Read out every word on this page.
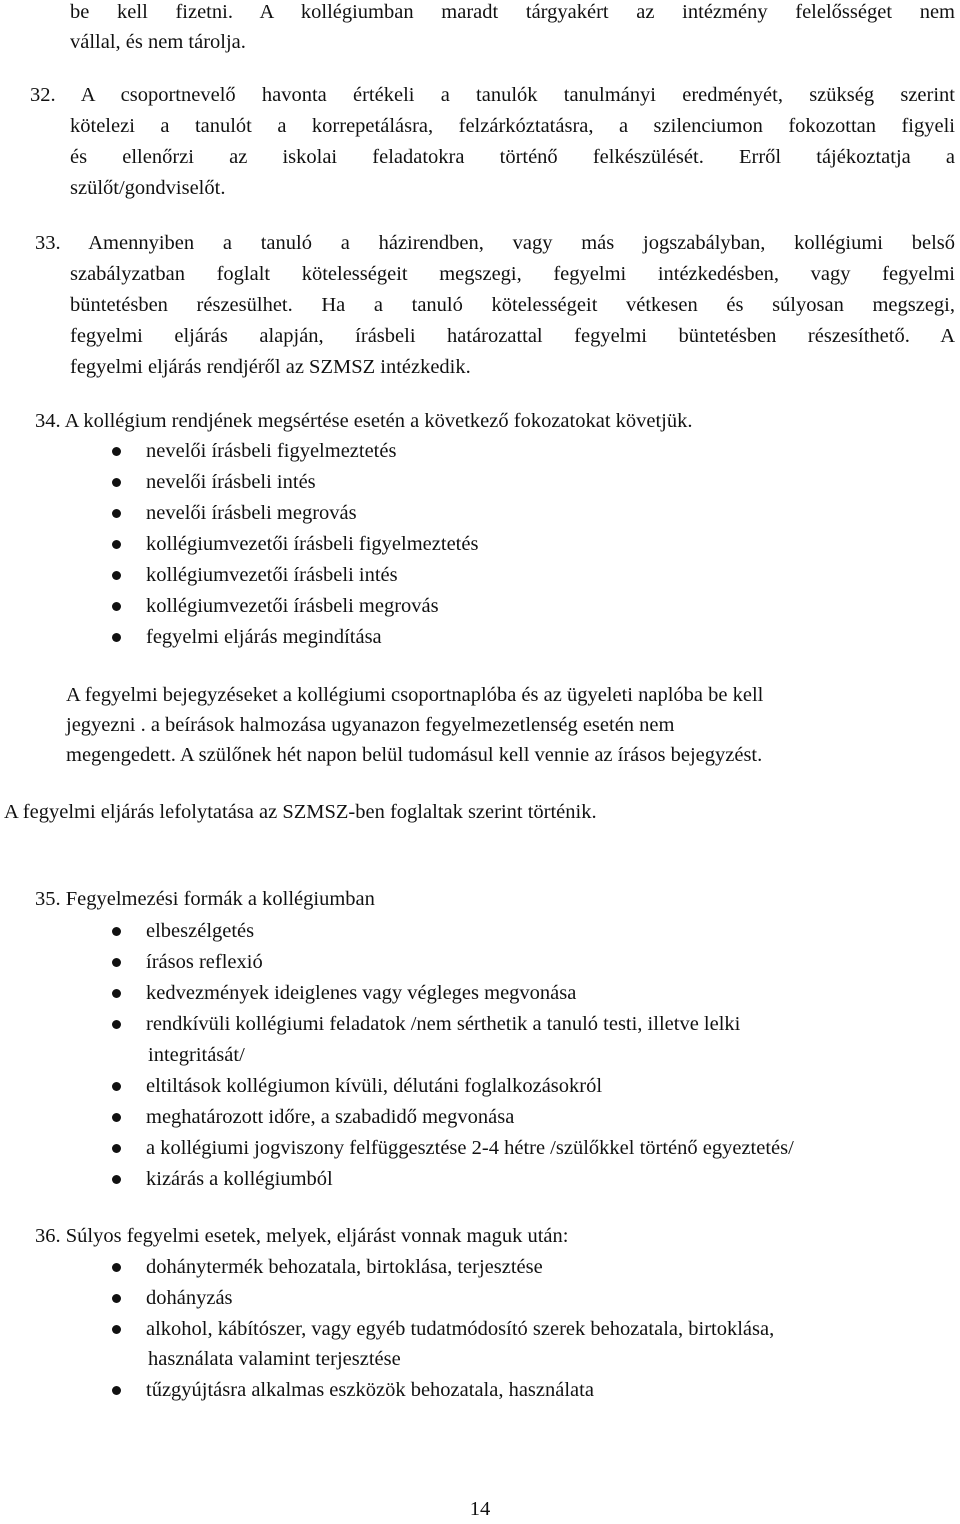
be kell fizetni. A kollégiumban maradt tárgyakért az intézmény felelősséget nem
vállal, és nem tárolja.
32. A csoportnevelő havonta értékeli a tanulók tanulmányi eredményét, szükség szerint
kötelezi a tanulót a korrepetálásra, felzárkóztatásra, a szilenciumon fokozottan figyeli
és ellenőrzi az iskolai feladatokra történő felkészülését. Erről tájékoztatja a
szülőt/gondviselőt.
33. Amennyiben a tanuló a házirendben, vagy más jogszabályban, kollégiumi belső
szabályzatban foglalt kötelességeit megszegi, fegyelmi intézkedésben, vagy fegyelmi
büntetésben részesülhet. Ha a tanuló kötelességeit vétkesen és súlyosan megszegi,
fegyelmi eljárás alapján, írásbeli határozattal fegyelmi büntetésben részesíthető. A
fegyelmi eljárás rendjéről az SZMSZ intézkedik.
34. A kollégium rendjének megsértése esetén a következő fokozatokat követjük.
nevelői írásbeli figyelmeztetés
nevelői írásbeli intés
nevelői írásbeli megrovás
kollégiumvezetői írásbeli figyelmeztetés
kollégiumvezetői írásbeli intés
kollégiumvezetői írásbeli megrovás
fegyelmi eljárás megindítása
A fegyelmi bejegyzéseket a kollégiumi csoportnaplóba és az ügyeleti naplóba be kell
jegyezni . a beírások halmozása ugyanazon fegyelmezetlenség esetén nem
megengedett. A szülőnek hét napon belül tudomásul kell vennie az írásos bejegyzést.
A fegyelmi eljárás lefolytatása az SZMSZ-ben foglaltak szerint történik.
35. Fegyelmezési formák a kollégiumban
elbeszélgetés
írásos reflexió
kedvezmények ideiglenes vagy végleges megvonása
rendkívüli kollégiumi feladatok /nem sérthetik a tanuló testi, illetve lelki
integritását/
eltiltások kollégiumon kívüli, délutáni foglalkozásokról
meghatározott időre, a szabadidő megvonása
a kollégiumi jogviszony felfüggesztése 2-4 hétre /szülőkkel történő egyeztetés/
kizárás a kollégiumból
36. Súlyos fegyelmi esetek, melyek, eljárást vonnak maguk után:
dohánytermék behozatala, birtoklása, terjesztése
dohányzás
alkohol, kábítószer, vagy egyéb tudatmódosító szerek behozatala, birtoklása,
használata valamint terjesztése
tűzgyújtásra alkalmas eszközök behozatala, használata
14
